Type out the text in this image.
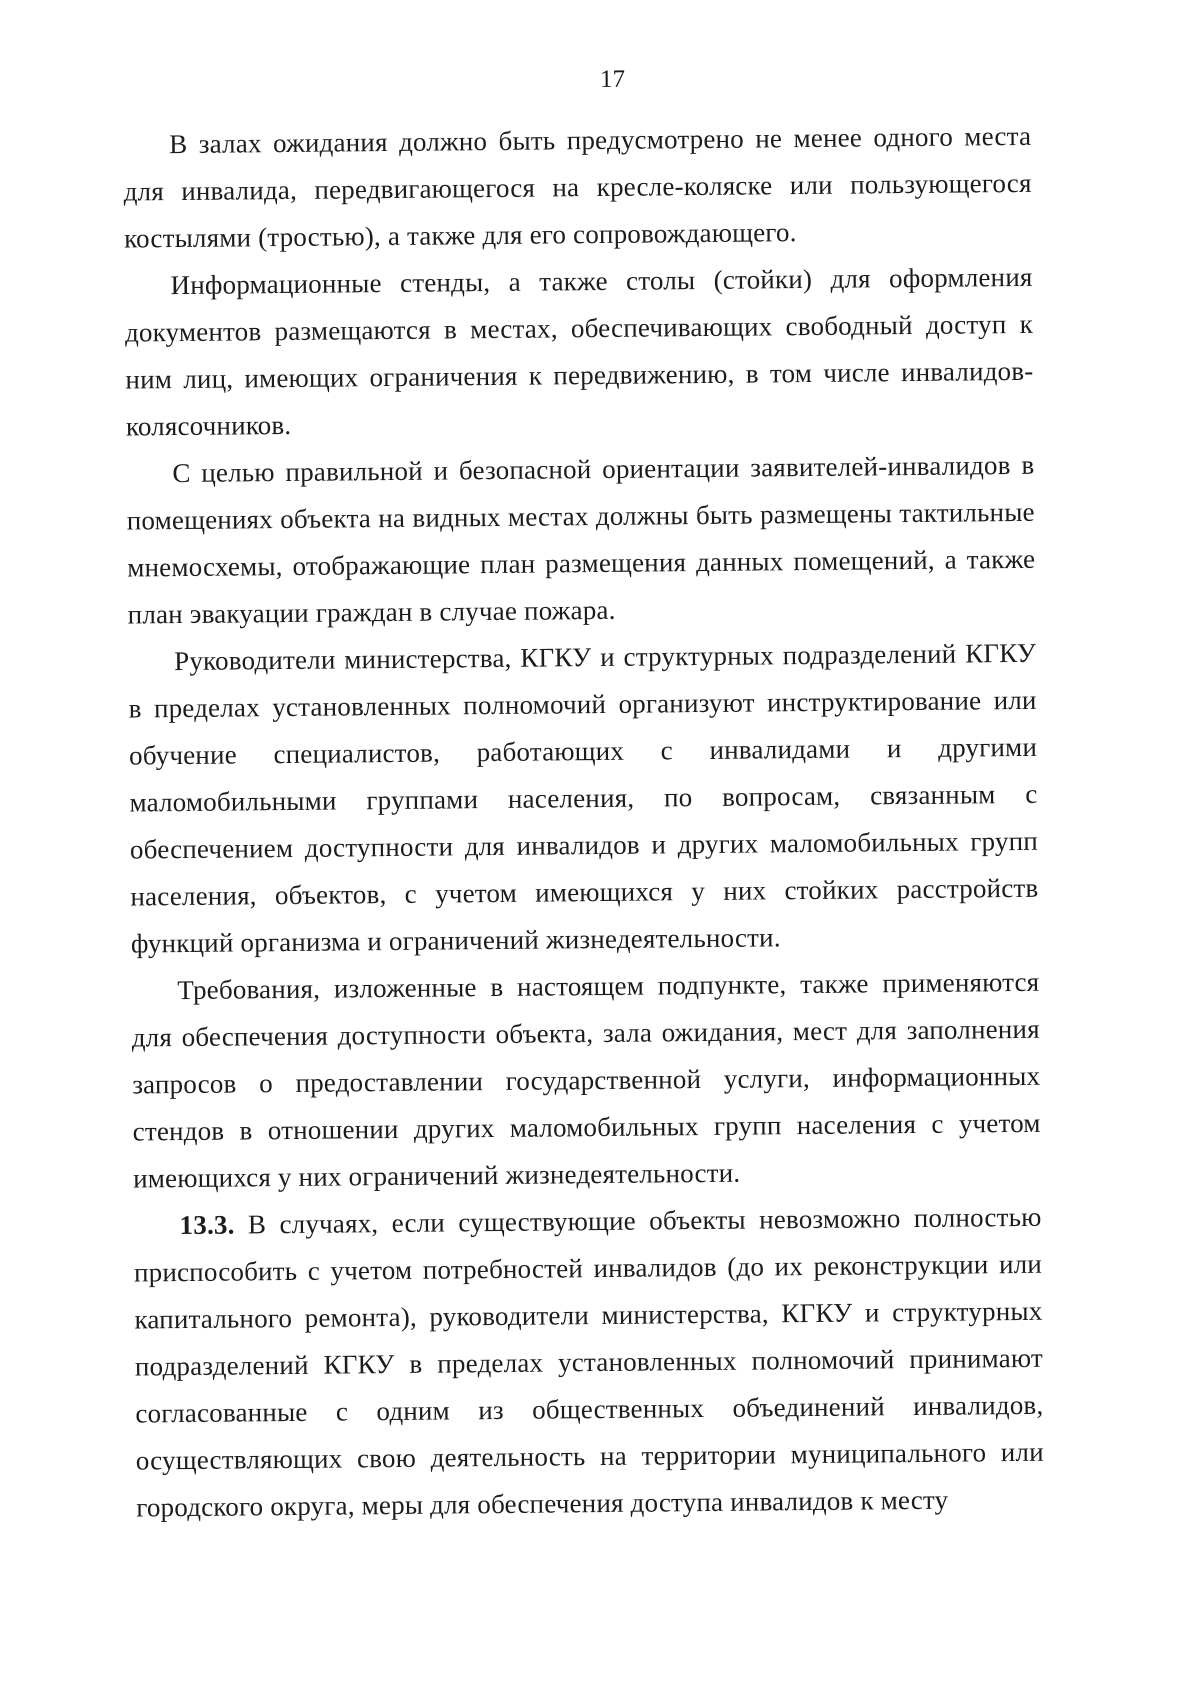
17

В залах ожидания должно быть предусмотрено не менее одного места для инвалида, передвигающегося на кресле-коляске или пользующегося костылями (тростью), а также для его сопровождающего.

Информационные стенды, а также столы (стойки) для оформления документов размещаются в местах, обеспечивающих свободный доступ к ним лиц, имеющих ограничения к передвижению, в том числе инвалидов-колясочников.

С целью правильной и безопасной ориентации заявителей-инвалидов в помещениях объекта на видных местах должны быть размещены тактильные мнемосхемы, отображающие план размещения данных помещений, а также план эвакуации граждан в случае пожара.

Руководители министерства, КГКУ и структурных подразделений КГКУ в пределах установленных полномочий организуют инструктирование или обучение специалистов, работающих с инвалидами и другими маломобильными группами населения, по вопросам, связанным с обеспечением доступности для инвалидов и других маломобильных групп населения, объектов, с учетом имеющихся у них стойких расстройств функций организма и ограничений жизнедеятельности.

Требования, изложенные в настоящем подпункте, также применяются для обеспечения доступности объекта, зала ожидания, мест для заполнения запросов о предоставлении государственной услуги, информационных стендов в отношении других маломобильных групп населения с учетом имеющихся у них ограничений жизнедеятельности.

13.3. В случаях, если существующие объекты невозможно полностью приспособить с учетом потребностей инвалидов (до их реконструкции или капитального ремонта), руководители министерства, КГКУ и структурных подразделений КГКУ в пределах установленных полномочий принимают согласованные с одним из общественных объединений инвалидов, осуществляющих свою деятельность на территории муниципального или городского округа, меры для обеспечения доступа инвалидов к месту
